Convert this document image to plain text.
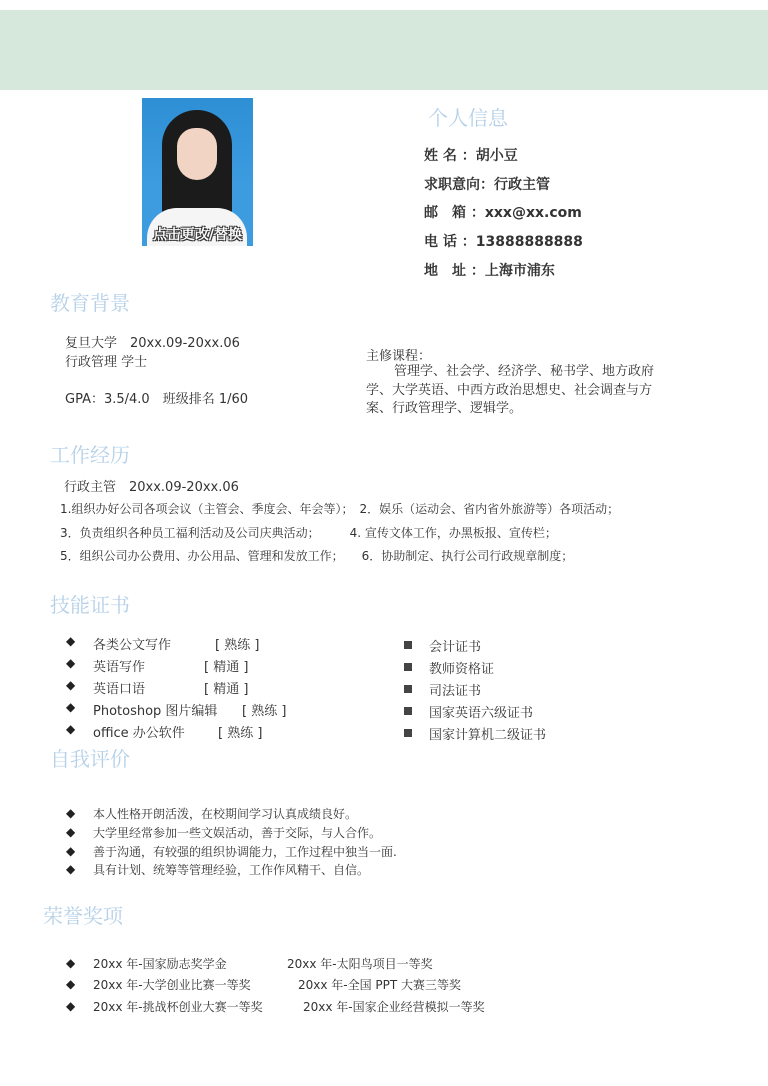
点击更改/替换
个人信息
姓 名 ：胡小豆
求职意向：行政主管
邮　箱 ：xxx@xx.com
电 话 ：13888888888
地　址 ：上海市浦东
教育背景
复旦大学　20xx.09-20xx.06
行政管理 学士
GPA：3.5/4.0　班级排名 1/60
主修课程：
管理学、社会学、经济学、秘书学、地方政府学、大学英语、中西方政治思想史、社会调查与方案、行政管理学、逻辑学。
工作经历
行政主管　20xx.09-20xx.06
1.组织办好公司各项会议（主管会、季度会、年会等）；　2．娱乐（运动会、省内省外旅游等）各项活动；
3．负责组织各种员工福利活动及公司庆典活动；　　　4. 宣传文体工作，办黑板报、宣传栏；
5．组织公司办公费用、办公用品、管理和发放工作；　　6．协助制定、执行公司行政规章制度；
技能证书
◆ 各类公文写作	[ 熟练 ]
◆ 英语写作	[ 精通 ]
◆ 英语口语	[ 精通 ]
◆ Photoshop 图片编辑 [ 熟练 ]
◆ office 办公软件	[ 熟练 ]
会计证书
教师资格证
司法证书
国家英语六级证书
国家计算机二级证书
自我评价
◆ 本人性格开朗活泼，在校期间学习认真成绩良好。
◆ 大学里经常参加一些文娱活动，善于交际，与人合作。
◆ 善于沟通，有较强的组织协调能力，工作过程中独当一面.
◆ 具有计划、统筹等管理经验，工作作风精干、自信。
荣誉奖项
◆ 20xx 年-国家励志奖学金	20xx 年-太阳鸟项目一等奖
◆ 20xx 年-大学创业比赛一等奖	20xx 年-全国 PPT 大赛三等奖
◆ 20xx 年-挑战杯创业大赛一等奖	20xx 年-国家企业经营模拟一等奖
